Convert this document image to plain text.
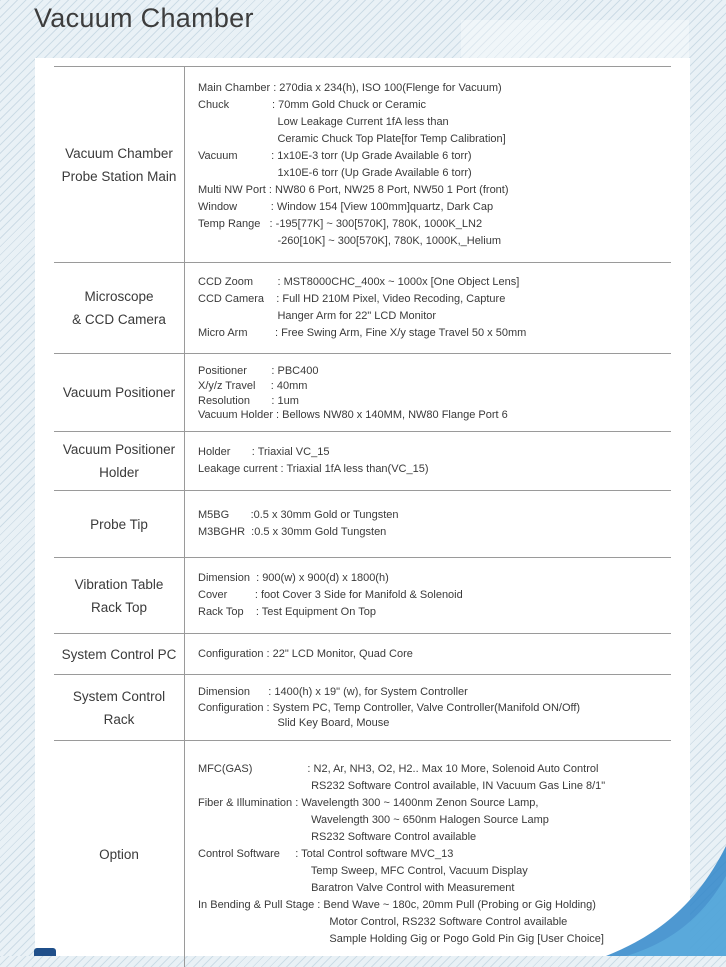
Vacuum Chamber
Vacuum Chamber
Probe Station Main
Main Chamber : 270dia x 234(h), ISO 100(Flenge for Vacuum)
Chuck              : 70mm Gold Chuck or Ceramic
Low Leakage Current 1fA less than
Ceramic Chuck Top Plate[for Temp Calibration]
Vacuum           : 1x10E-3 torr (Up Grade Available 6 torr)
1x10E-6 torr (Up Grade Available 6 torr)
Multi NW Port : NW80 6 Port, NW25 8 Port, NW50 1 Port (front)
Window           : Window 154 [View 100mm]quartz, Dark Cap
Temp Range   : -195[77K] ~ 300[570K], 780K, 1000K_LN2
-260[10K] ~ 300[570K], 780K, 1000K,_Helium
Microscope
& CCD Camera
CCD Zoom        : MST8000CHC_400x ~ 1000x [One Object Lens]
CCD Camera    : Full HD 210M Pixel, Video Recoding, Capture
Hanger Arm for 22" LCD Monitor
Micro Arm         : Free Swing Arm, Fine X/y stage Travel 50 x 50mm
Vacuum Positioner
Positioner        : PBC400
X/y/z Travel     : 40mm
Resolution       : 1um
Vacuum Holder : Bellows NW80 x 140MM, NW80 Flange Port 6
Vacuum Positioner
Holder
Holder       : Triaxial VC_15
Leakage current : Triaxial 1fA less than(VC_15)
Probe Tip
M5BG       :0.5 x 30mm Gold or Tungsten
M3BGHR  :0.5 x 30mm Gold Tungsten
Vibration Table
Rack Top
Dimension  : 900(w) x 900(d) x 1800(h)
Cover         : foot Cover 3 Side for Manifold & Solenoid
Rack Top    : Test Equipment On Top
System Control PC Configuration : 22" LCD Monitor, Quad Core
System Control
Rack
Dimension      : 1400(h) x 19" (w), for System Controller
Configuration : System PC, Temp Controller, Valve Controller(Manifold ON/Off)
Slid Key Board, Mouse
Option
MFC(GAS)                  : N2, Ar, NH3, O2, H2.. Max 10 More, Solenoid Auto Control
RS232 Software Control available, IN Vacuum Gas Line 8/1"
Fiber & Illumination : Wavelength 300 ~ 1400nm Zenon Source Lamp,
Wavelength 300 ~ 650nm Halogen Source Lamp
RS232 Software Control available
Control Software     : Total Control software MVC_13
Temp Sweep, MFC Control, Vacuum Display
Baratron Valve Control with Measurement
In Bending & Pull Stage : Bend Wave ~ 180c, 20mm Pull (Probing or Gig Holding)
Motor Control, RS232 Software Control available
Sample Holding Gig or Pogo Gold Pin Gig [User Choice]
